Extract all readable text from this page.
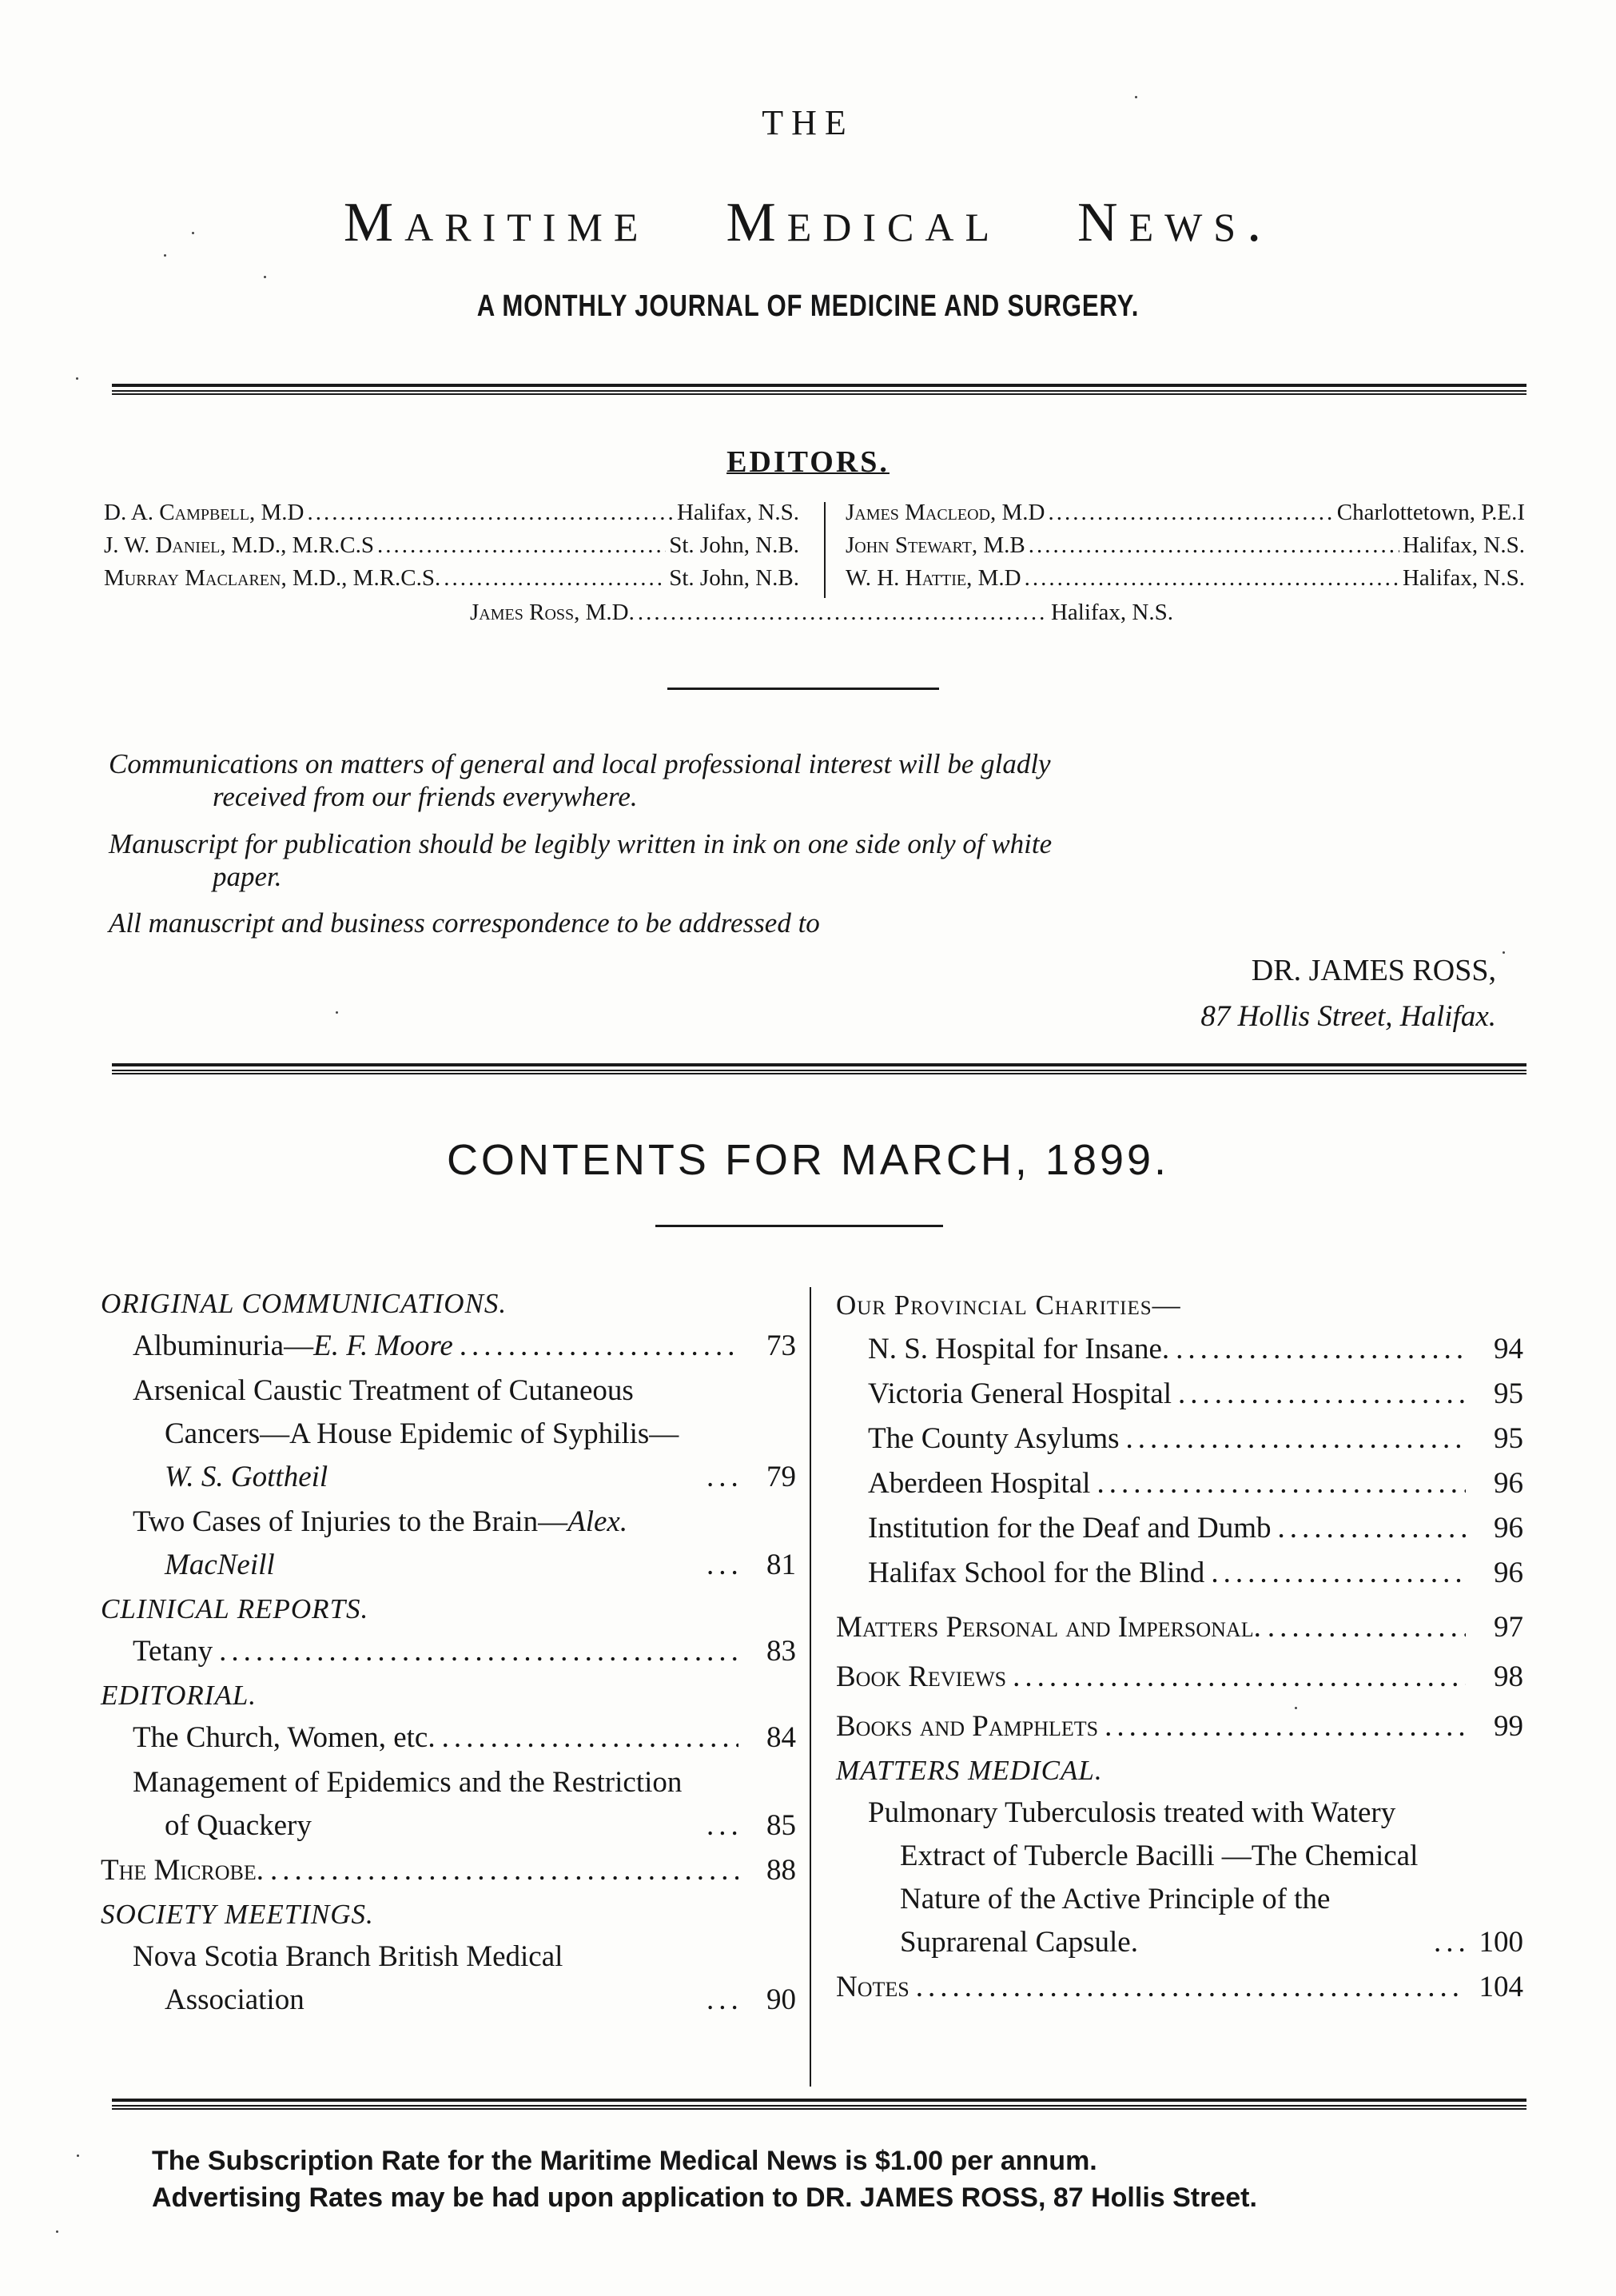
THE
maritime medical news.
A MONTHLY JOURNAL OF MEDICINE AND SURGERY.
EDITORS.
D. A. Campbell, M.D .....	Halifax, N.S.
J. W. Daniel, M.D., M.R.C.S .....	St. John, N.B.
Murray Maclaren, M.D., M.R.C.S. .....	St. John, N.B.
James Macleod, M.D .....	Charlottetown, P.E.I
John Stewart, M.B .....	Halifax, N.S.
W. H. Hattie, M.D .....	Halifax, N.S.
James Ross, M.D. .....	Halifax, N.S.
Communications on matters of general and local professional interest will be gladly
received from our friends everywhere.
Manuscript for publication should be legibly written in ink on one side only of white
paper.
All manuscript and business correspondence to be addressed to
DR. JAMES ROSS,
87 Hollis Street, Halifax.
CONTENTS FOR MARCH, 1899.
ORIGINAL COMMUNICATIONS.
Albuminuria—E. F. Moore .....	73
Arsenical Caustic Treatment of Cutaneous Cancers—A House Epidemic of Syphilis—W. S. Gottheil .....	79
Two Cases of Injuries to the Brain—Alex. MacNeill .....	81
CLINICAL REPORTS.
Tetany .....	83
EDITORIAL.
The Church, Women, etc. .....	84
Management of Epidemics and the Restriction of Quackery .....	85
The Microbe. .....	88
SOCIETY MEETINGS.
Nova Scotia Branch British Medical Association .....	90
Our Provincial Charities—
N. S. Hospital for Insane. .....	94
Victoria General Hospital .....	95
The County Asylums .....	95
Aberdeen Hospital .....	96
Institution for the Deaf and Dumb .....	96
Halifax School for the Blind .....	96
Matters Personal and Impersonal. .....	97
Book Reviews .....	98
Books and Pamphlets .....	99
MATTERS MEDICAL.
Pulmonary Tuberculosis treated with Watery Extract of Tubercle Bacilli —The Chemical Nature of the Active Principle of the Suprarenal Capsule. .....	100
Notes .....	104
The Subscription Rate for the Maritime Medical News is $1.00 per annum.
Advertising Rates may be had upon application to DR. JAMES ROSS, 87 Hollis Street.
